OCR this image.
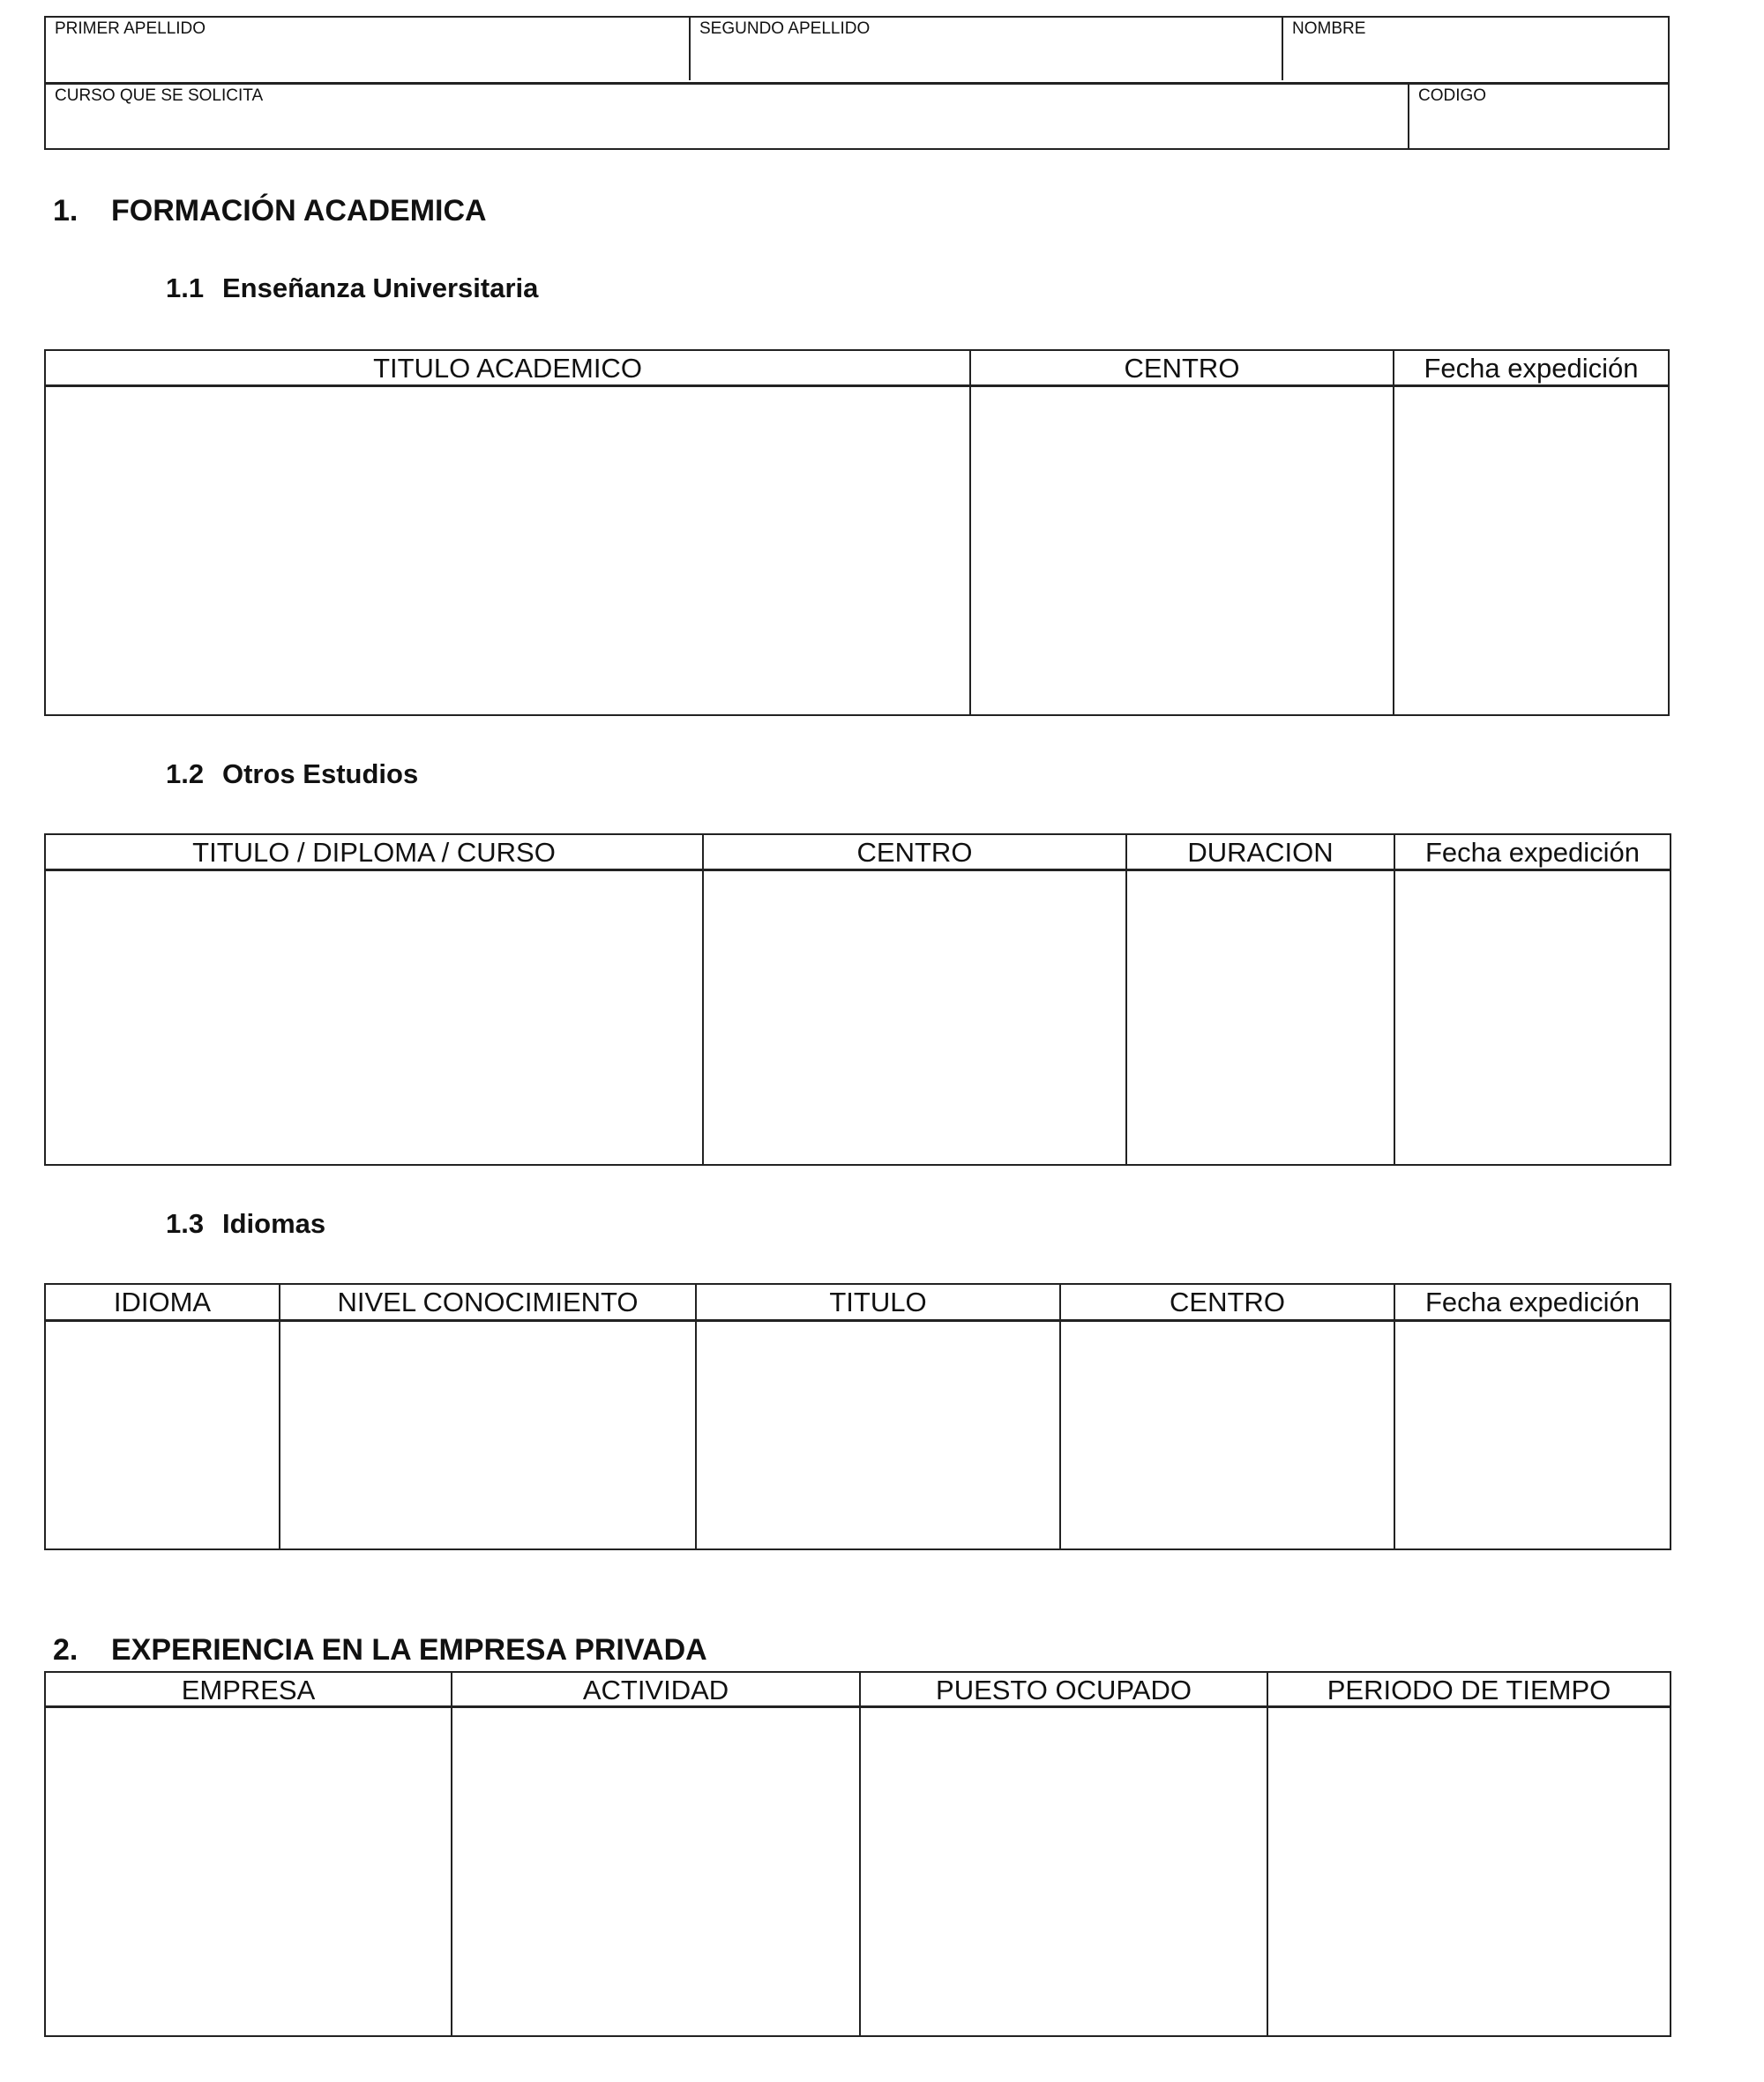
PRIMER APELLIDO	SEGUNDO APELLIDO	NOMBRE
CURSO QUE SE SOLICITA	CODIGO
1. FORMACIÓN ACADEMICA
1.1 Enseñanza Universitaria
TITULO ACADEMICO	CENTRO	Fecha expedición
1.2 Otros Estudios
TITULO / DIPLOMA / CURSO	CENTRO	DURACION	Fecha expedición
1.3 Idiomas
IDIOMA	NIVEL CONOCIMIENTO	TITULO	CENTRO	Fecha expedición
2. EXPERIENCIA EN LA EMPRESA PRIVADA
EMPRESA	ACTIVIDAD	PUESTO OCUPADO	PERIODO DE TIEMPO
